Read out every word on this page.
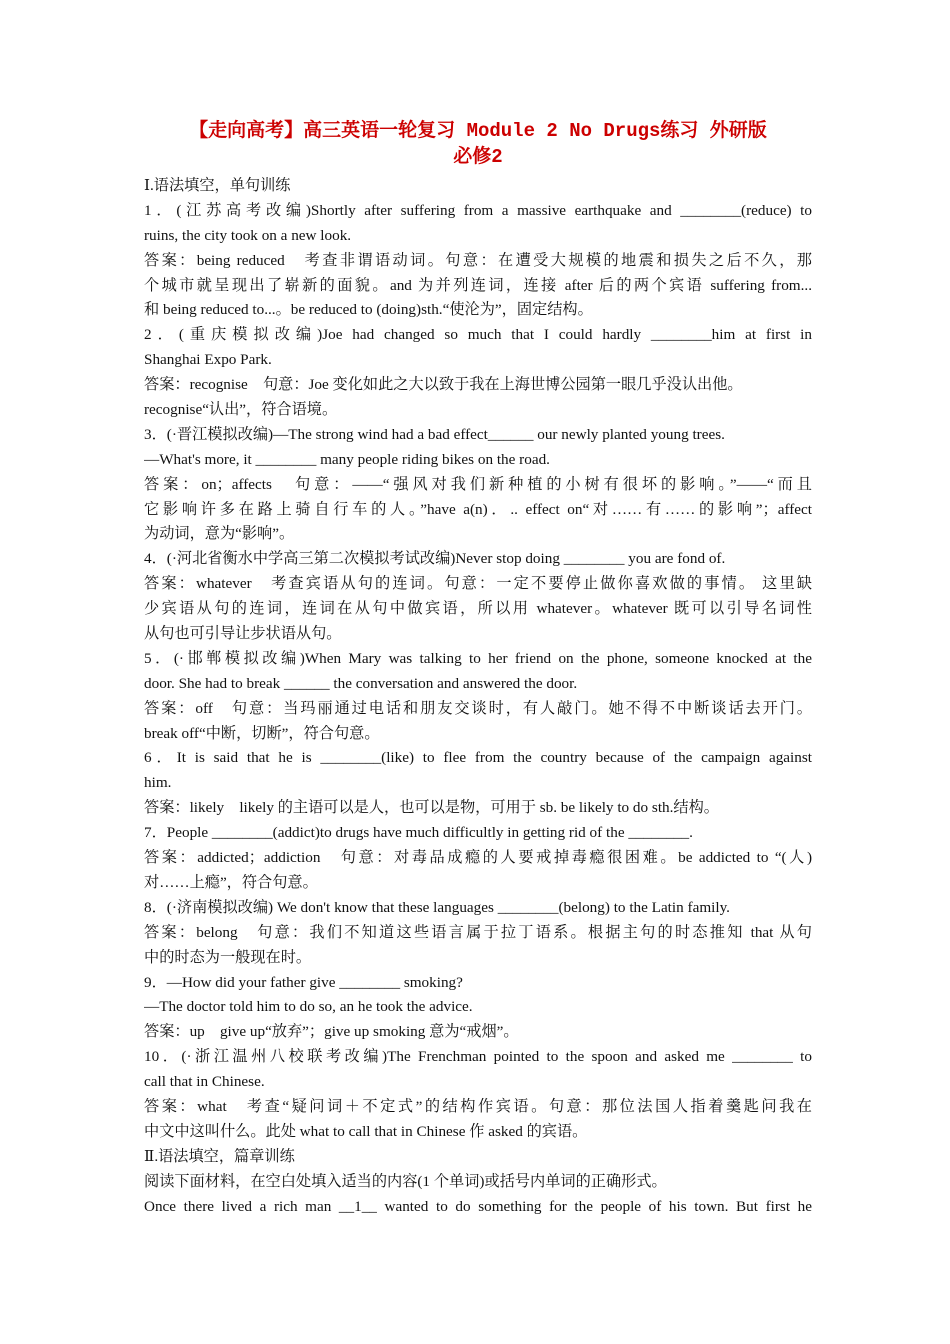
【走向高考】高三英语一轮复习 Module 2 No Drugs练习 外研版
必修2
Ⅰ.语法填空，单句训练
1．(江苏高考改编)Shortly after suffering from a massive earthquake and ________(reduce) to
ruins, the city took on a new look.
答案：being reduced　考查非谓语动词。句意：在遭受大规模的地震和损失之后不久，那
个城市就呈现出了崭新的面貌。and 为并列连词，连接 after 后的两个宾语 suffering from...
和 being reduced to...。be reduced to (doing)sth.“使沦为”，固定结构。
2．(重庆模拟改编)Joe had changed so much that I could hardly ________him at first in
Shanghai Expo Park.
答案：recognise　句意：Joe 变化如此之大以致于我在上海世博公园第一眼几乎没认出他。
recognise“认出”，符合语境。
3．(·晋江模拟改编)—The strong wind had a bad effect______ our newly planted young trees.
—What's more, it ________ many people riding bikes on the road.
答案：on；affects　句意：——“强风对我们新种植的小树有很坏的影响。”——“而且
它影响许多在路上骑自行车的人。”have a(n)．.. effect on“对……有……的影响”；affect
为动词，意为“影响”。
4．(·河北省衡水中学高三第二次模拟考试改编)Never stop doing ________ you are fond of.
答案：whatever　考查宾语从句的连词。句意：一定不要停止做你喜欢做的事情。 这里缺
少宾语从句的连词，连词在从句中做宾语，所以用 whatever。whatever 既可以引导名词性
从句也可引导让步状语从句。
5．(·邯郸模拟改编)When Mary was talking to her friend on the phone, someone knocked at the
door. She had to break ______ the conversation and answered the door.
答案：off　句意：当玛丽通过电话和朋友交谈时，有人敲门。她不得不中断谈话去开门。
break off“中断，切断”，符合句意。
6．It is said that he is ________(like) to flee from the country because of the campaign against
him.
答案：likely　likely 的主语可以是人，也可以是物，可用于 sb. be likely to do sth.结构。
7．People ________(addict)to drugs have much difficultly in getting rid of the ________.
答案：addicted；addiction　句意：对毒品成瘾的人要戒掉毒瘾很困难。be addicted to “(人)
对……上瘾”，符合句意。
8．(·济南模拟改编) We don't know that these languages ________(belong) to the Latin family.
答案：belong　句意：我们不知道这些语言属于拉丁语系。根据主句的时态推知 that 从句
中的时态为一般现在时。
9．—How did your father give ________ smoking?
—The doctor told him to do so, an he took the advice.
答案：up　give up“放弃”；give up smoking 意为“戒烟”。
10．(·浙江温州八校联考改编)The Frenchman pointed to the spoon and asked me ________ to
call that in Chinese.
答案：what　考查“疑问词＋不定式”的结构作宾语。句意：那位法国人指着羹匙问我在
中文中这叫什么。此处 what to call that in Chinese 作 asked 的宾语。
Ⅱ.语法填空，篇章训练
阅读下面材料，在空白处填入适当的内容(1 个单词)或括号内单词的正确形式。
Once there lived a rich man __1__ wanted to do something for the people of his town. But first he
